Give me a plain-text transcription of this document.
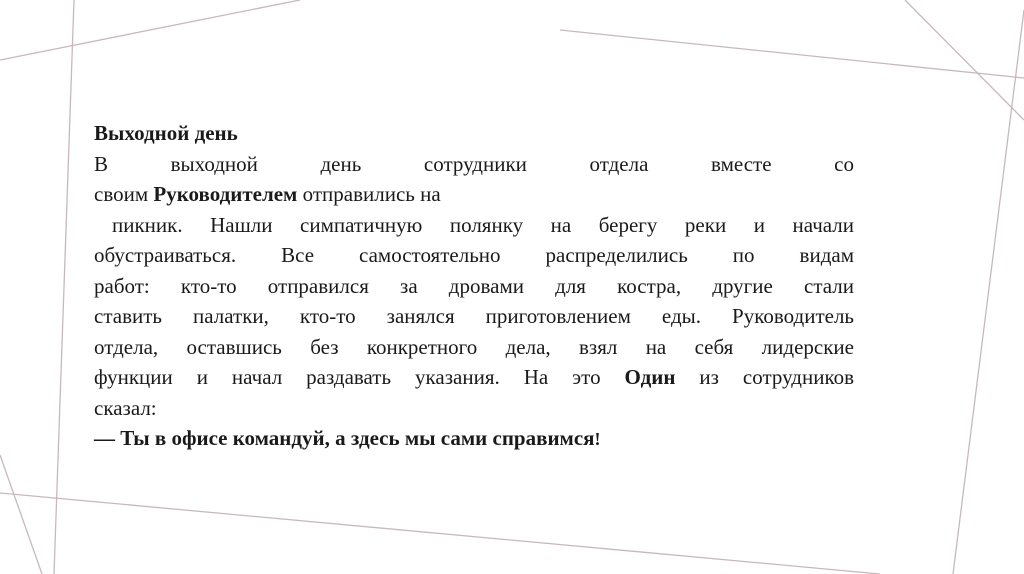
Выходной день
В	выходной	день	сотрудники	отдела	вместе	со
своим Руководителем отправились на
пикник. Нашли симпатичную полянку на берегу реки и начали
обустраиваться. Все самостоятельно распределились по видам
работ: кто-то отправился за дровами для костра, другие стали
ставить палатки, кто-то занялся приготовлением еды. Руководитель
отдела, оставшись без конкретного дела, взял на себя лидерские
функции и начал раздавать указания. На это Один из сотрудников
сказал:
— Ты в офисе командуй, а здесь мы сами справимся!
